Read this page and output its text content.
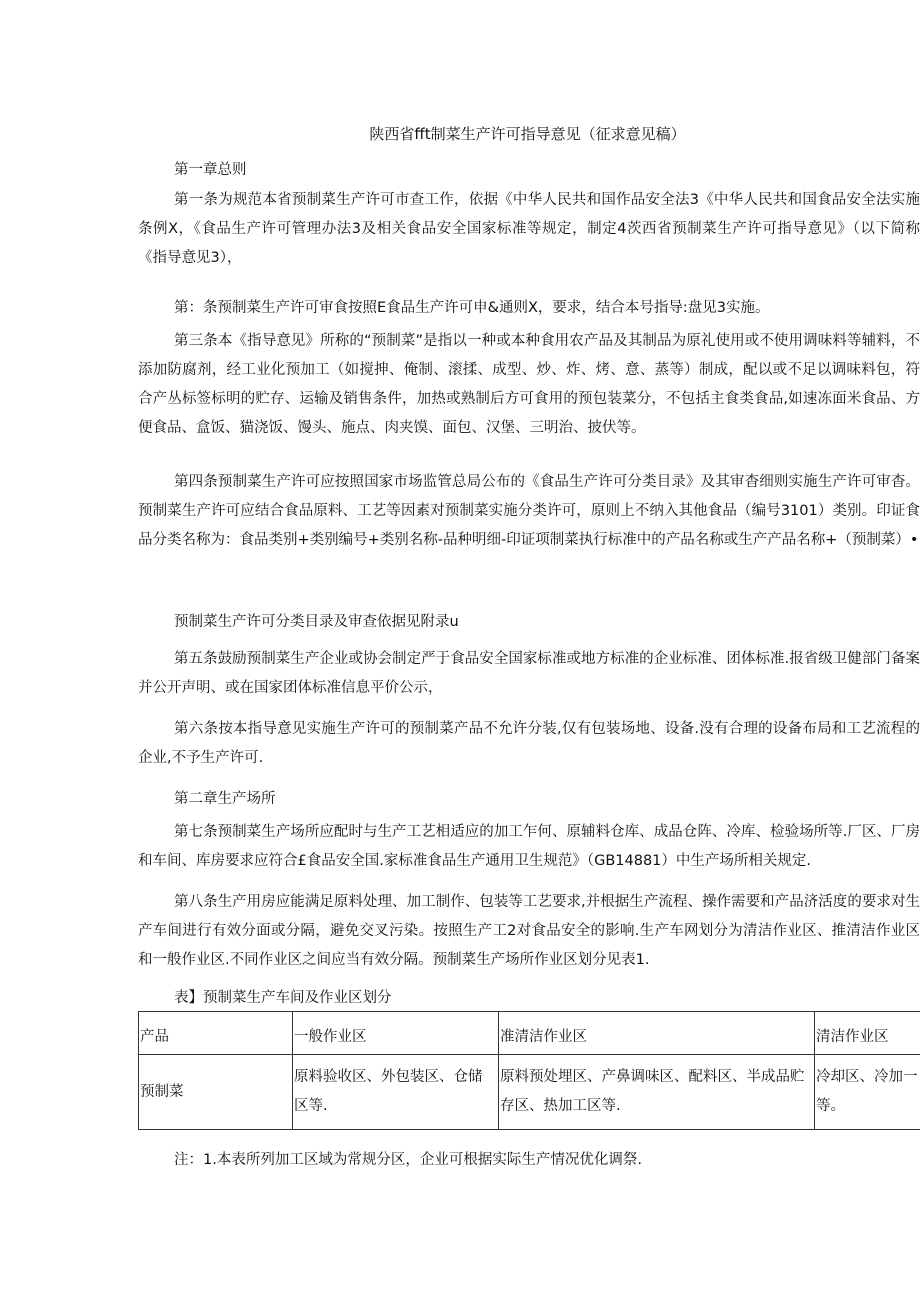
陕西省fft制菜生产许可指导意见（征求意见稿）
第一章总则

第一条为规范本省预制菜生产许可市查工作，依据《中华人民共和国作品安全法3《中华人民共和国食品安全法实施条例X，《食品生产许可管理办法3及相关食品安全国家标准等规定，制定4茨西省预制菜生产许可指导意见》（以下简称《指导意见3），

第：条预制菜生产许可审食按照E食品生产许可申&通则X，要求，结合本号指导:盘见3实施。

第三条本《指导意见》所称的“预制菜”是指以一种或本种食用农产品及其制品为原礼使用或不使用调味料等辅料，不添加防腐剂，经工业化预加工（如搅抻、俺制、滚揉、成型、炒、炸、烤、意、蒸等）制成，配以或不足以调味料包，符合产丛标签标明的贮存、运输及销售条件，加热或熟制后方可食用的预包装菜分，不包括主食类食品,如速冻面米食品、方便食品、盒饭、猫浇饭、馒头、施点、肉夹馍、面包、汉堡、三明治、披伏等。

第四条预制菜生产许可应按照国家市场监管总局公布的《食品生产许可分类目录》及其审杳细则实施生产许可审杳。预制菜生产许可应结合食品原料、工艺等因素对预制菜实施分类许可，原则上不纳入其他食品（编号3101）类别。印证食品分类名称为：食品类别+类别编号+类别名称-品种明细-印证项制菜执行标准中的产品名称或生产产品名称+（预制菜）•

预制菜生产许可分类目录及审查依据见附录u

第五条鼓励预制菜生产企业或协会制定严于食品安全国家标准或地方标准的企业标准、团体标准.报省级卫健部门备案并公开声明、或在国家团体标准信息平价公示，

第六条按本指导意见实施生产许可的预制菜产品不允许分装,仅有包装场地、设备.没有合理的设备布局和工艺流程的企业,不予生产许可.

第二章生产场所

第七条预制菜生产场所应配时与生产工艺相适应的加工乍何、原辅料仓库、成品仓阵、冷库、检验场所等.厂区、厂房和车间、库房要求应符合£食品安全国.家标准食品生产通用卫生规范》（GB14881）中生产场所相关规定.

第八条生产用房应能满足原料处理、加工制作、包装等工艺要求,并根据生产流程、操作需要和产品济活度的要求对生产车间进行有效分面或分隔，避免交叉污染。按照生产工2对食品安全的影响.生产车网划分为清洁作业区、推清洁作业区和一般作业区.不同作业区之间应当有效分隔。预制菜生产场所作业区划分见表1.

表】预制菜生产车间及作业区划分
产品	一般作业区	准清洁作业区	清洁作业区
预制菜	原料验收区、外包装区、仓储区等.	原料预处埋区、产鼻调味区、配料区、半成品贮存区、热加工区等.	冷却区、冷加一等。
注：1.本表所列加工区域为常规分区，企业可根据实际生产情况优化调祭.
